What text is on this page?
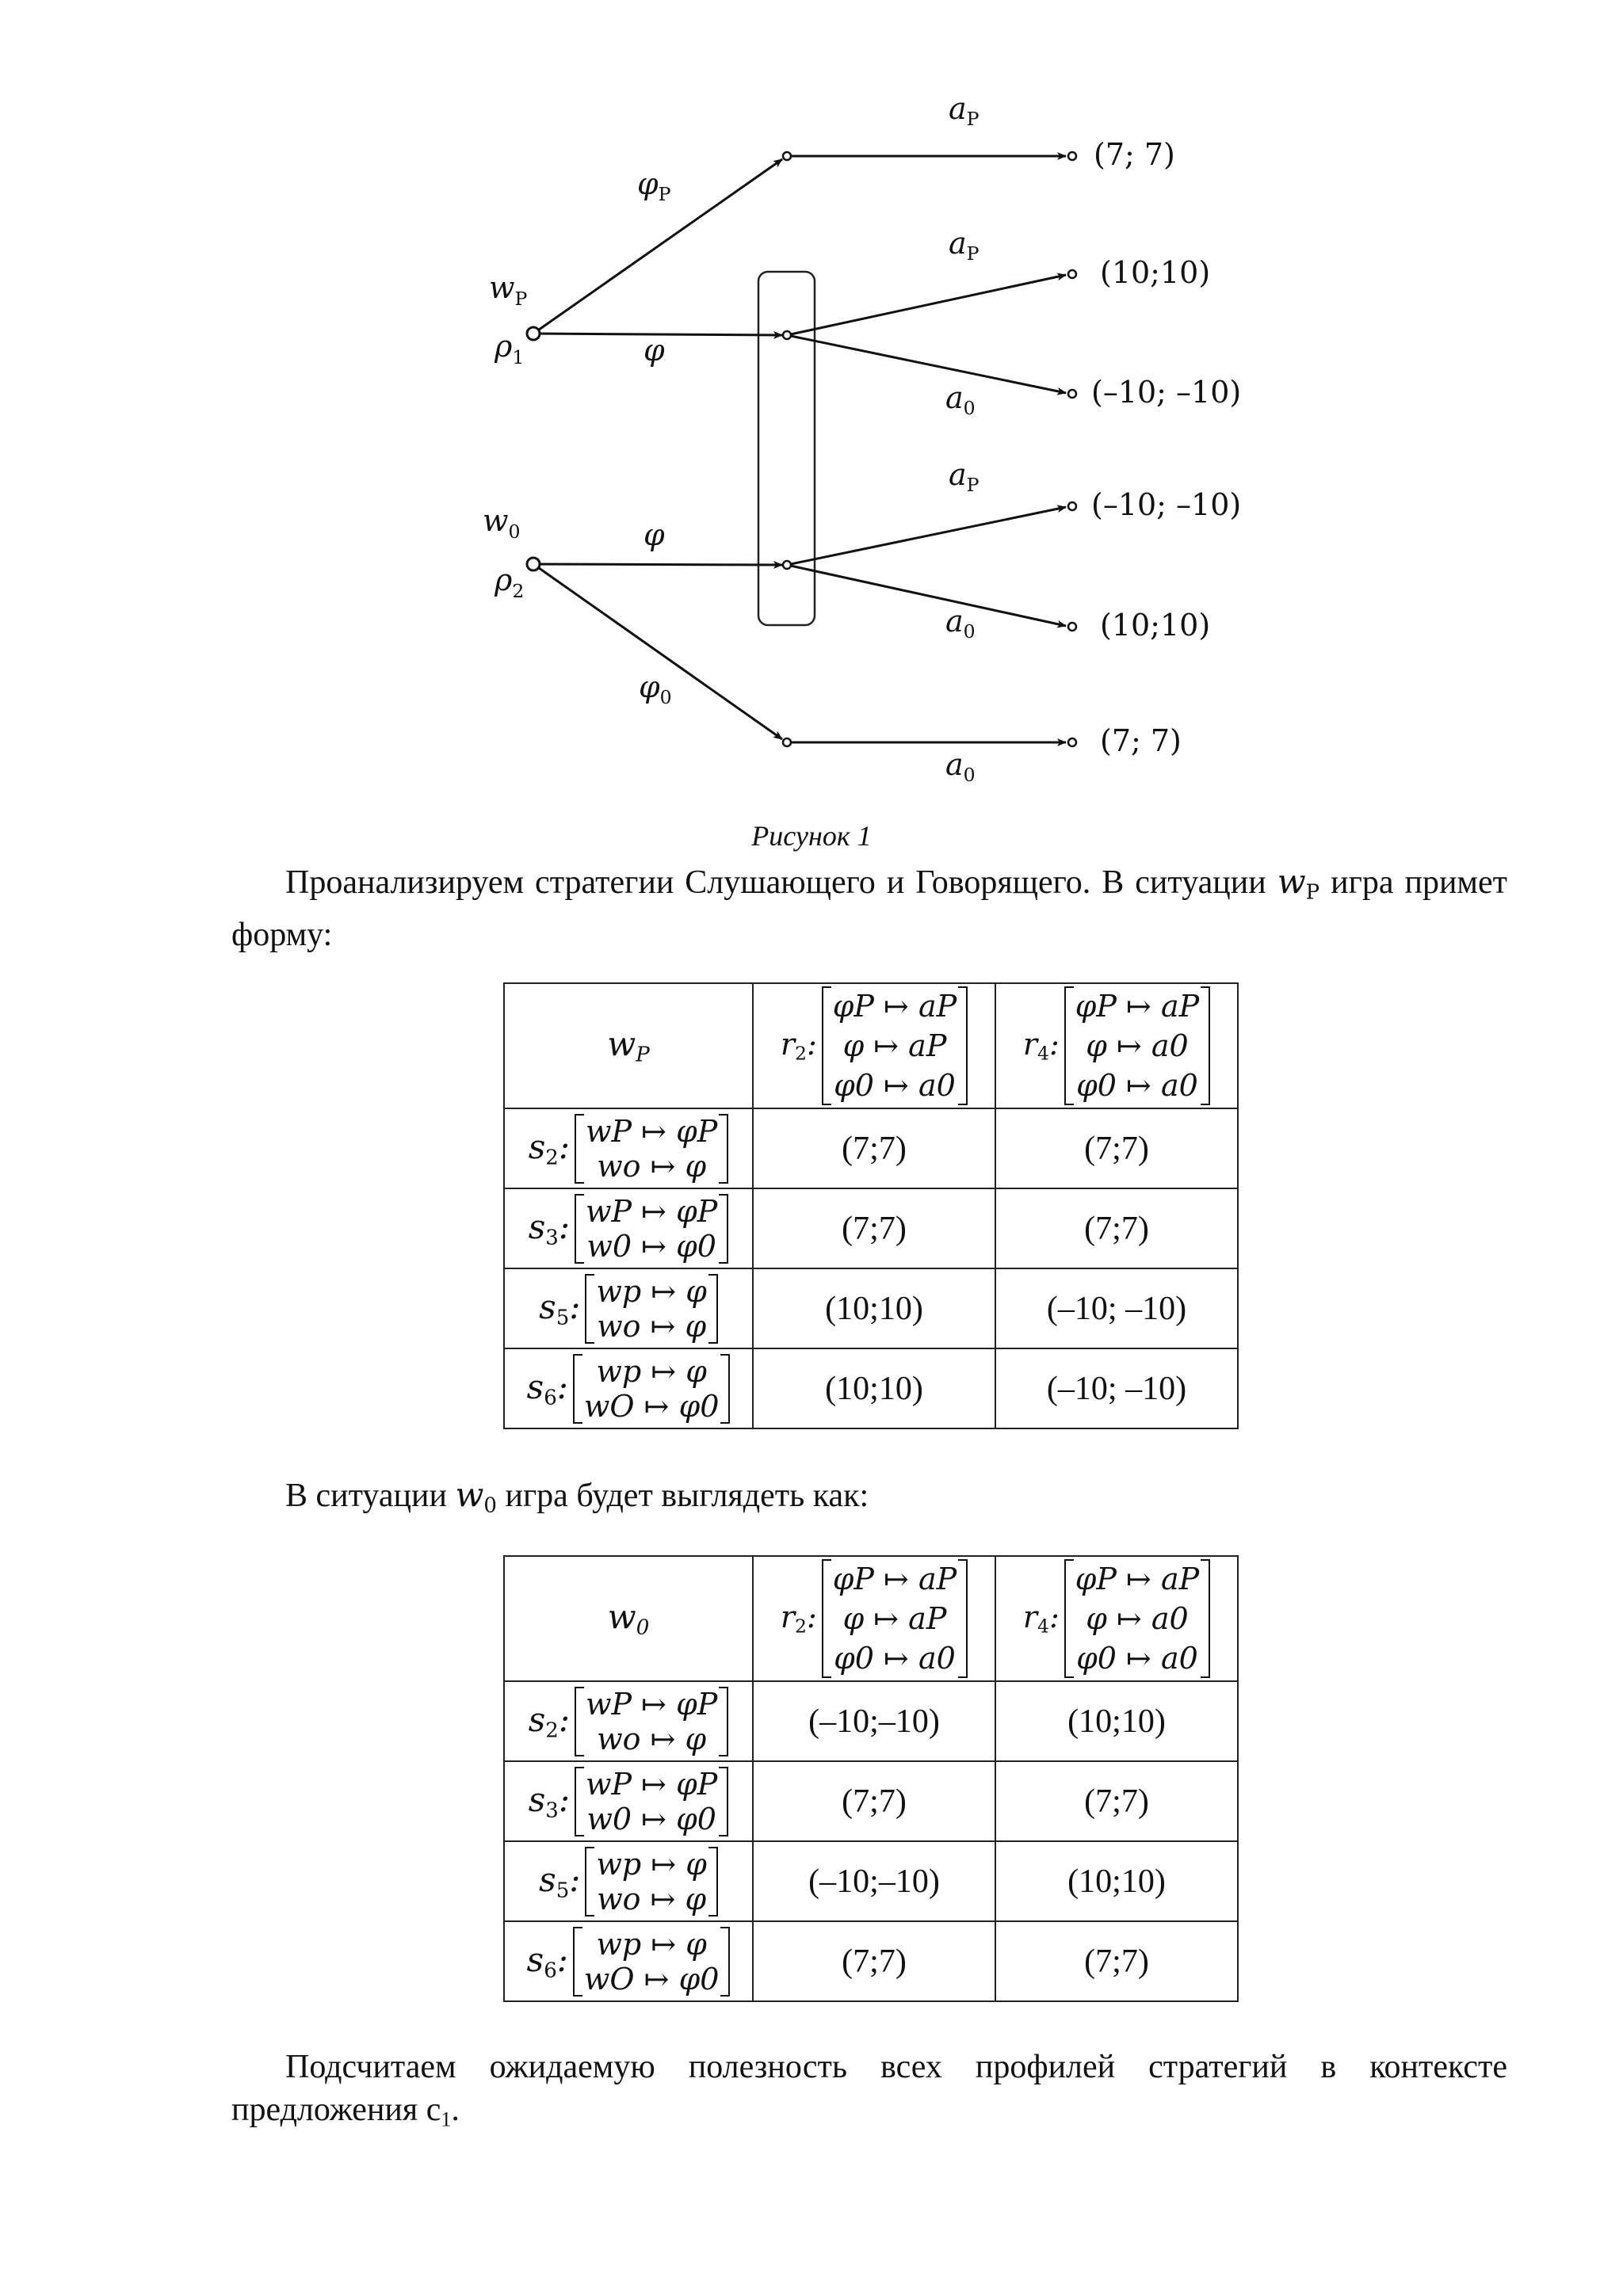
$w_P$
$\rho_1$
$w_0$
$\rho_2$
$\varphi_P$
φ
φ
$\varphi_0$
$a_P$
$a_P$
$a_0$
$a_P$
$a_0$
$a_0$
(7; 7)
(10;10)
(–10; –10)
(–10; –10)
(10;10)
(7; 7)
Рисунок 1
Проанализируем стратегии Слушающего и Говорящего. В ситуации $w_P$ игра примет форму:
$w_P$	$r_2$:
φP ↦ aP
φ ↦ aP
φ0 ↦ a0	$r_4$:
φP ↦ aP
φ ↦ a0
φ0 ↦ a0

$s_2$: wP ↦ φP
wo ↦ φ	(7;7)	(7;7)

$s_3$: wP ↦ φP
w0 ↦ φ0	(7;7)	(7;7)

$s_5$: wp ↦ φ
wo ↦ φ	(10;10)	(–10; –10)

$s_6$: wp ↦ φ
wO ↦ φ0	(10;10)	(–10; –10)
В ситуации $w_0$ игра будет выглядеть как:
$w_0$	$r_2$:
φP ↦ aP
φ ↦ aP
φ0 ↦ a0	$r_4$:
φP ↦ aP
φ ↦ a0
φ0 ↦ a0

$s_2$: wP ↦ φP
wo ↦ φ	(–10;–10)	(10;10)

$s_3$: wP ↦ φP
w0 ↦ φ0	(7;7)	(7;7)

$s_5$: wp ↦ φ
wo ↦ φ	(–10;–10)	(10;10)

$s_6$: wp ↦ φ
wO ↦ φ0	(7;7)	(7;7)
Подсчитаем ожидаемую полезность всех профилей стратегий в контексте предложения $c_1$.
